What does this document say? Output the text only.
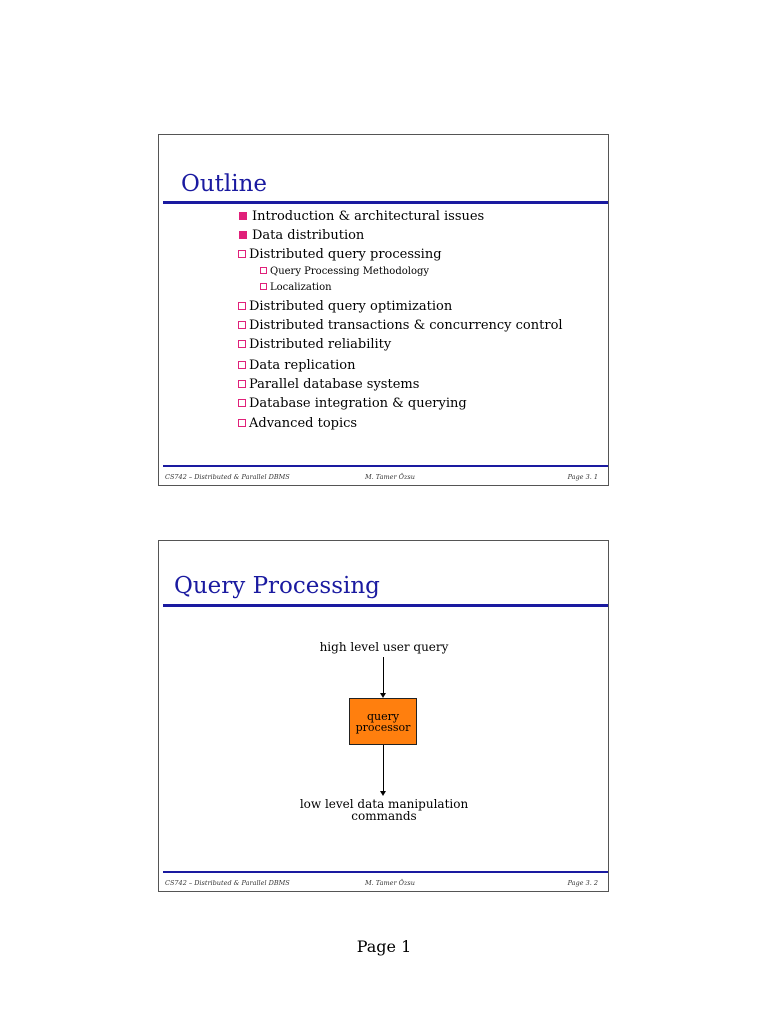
Outline
Introduction & architectural issues
Data distribution
Distributed query processing
Query Processing Methodology
Localization
Distributed query optimization
Distributed transactions & concurrency control
Distributed reliability
Data replication
Parallel database systems
Database integration & querying
Advanced topics
CS742 – Distributed & Parallel DBMS	M. Tamer Özsu	Page 3. 1
Query Processing
high level user query
query
processor
low level data manipulation
commands
CS742 – Distributed & Parallel DBMS	M. Tamer Özsu	Page 3. 2
Page 1
